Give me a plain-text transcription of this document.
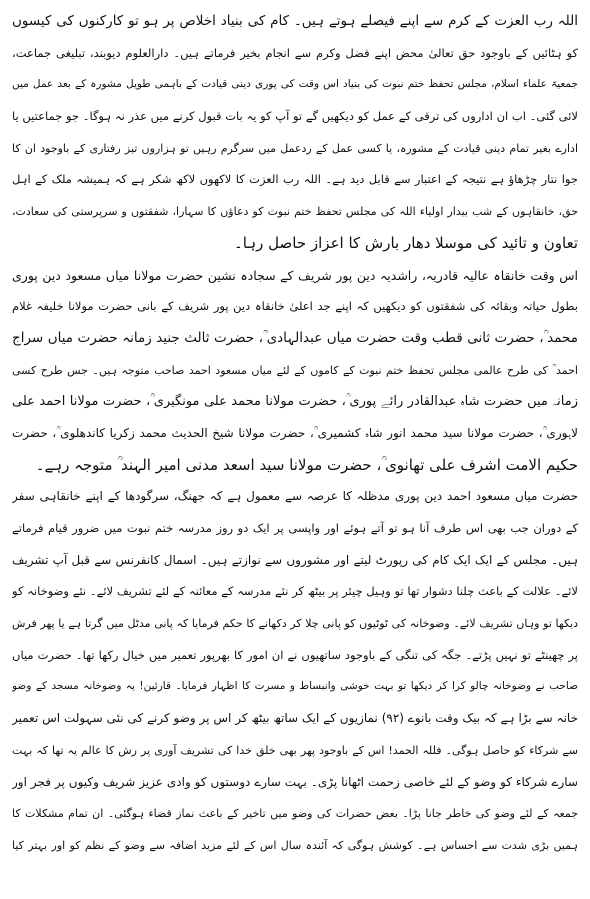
اللہ رب العزت کے کرم سے اپنے فیصلے ہوتے ہیں۔ کام کی بنیاد اخلاص پر ہو تو کارکنوں کی کیسوں
کو ہٹائیں کے باوجود حق تعالیٰ محض اپنے فضل وکرم سے انجام بخیر فرماتے ہیں۔ دارالعلوم دیوبند، تبلیغی جماعت،
جمعیۃ علماء اسلام، مجلس تحفظ ختم نبوت کی بنیاد اس وقت کی پوری دینی قیادت کے باہمی طویل مشورہ کے بعد عمل میں
لائی گئی۔ اب ان اداروں کی ترقی کے عمل کو دیکھیں گے تو آپ کو یہ بات قبول کرنے میں عذر نہ ہوگا۔ جو جماعتیں یا
ادارے بغیر تمام دینی قیادت کے مشورہ، یا کسی عمل کے ردعمل میں سرگرم رہیں تو ہزاروں تیز رفتاری کے باوجود ان کا
جوا نتار چڑھاؤ ہے نتیجہ کے اعتبار سے قابل دید ہے۔ اللہ رب العزت کا لاکھوں لاکھ شکر ہے کہ ہمیشہ ملک کے اہل
حق، خانقاہوں کے شب بیدار اولیاء اللہ کی مجلس تحفظ ختم نبوت کو دعاؤں کا سہارا، شفقتوں و سرپرستی کی سعادت،
تعاون و تائید کی موسلا دھار بارش کا اعزاز حاصل رہا۔
اس وقت خانقاہ عالیہ قادریہ، راشدیہ دین پور شریف کے سجادہ نشین حضرت مولانا میاں مسعود دین پوری
بطول حیاتہ وبقائہ کی شفقتوں کو دیکھیں کہ اپنے جد اعلیٰ خانقاہ دین پور شریف کے بانی حضرت مولانا خلیفہ غلام
محمد ؒ، حضرت ثانی قطب وقت حضرت میاں عبدالہادی ؒ، حضرت ثالث جنید زمانہ حضرت میاں سراج
احمد ؒ کی طرح عالمی مجلس تحفظ ختم نبوت کے کاموں کے لئے میاں مسعود احمد صاحب متوجہ ہیں۔ جس طرح کسی
زمانہ میں حضرت شاہ عبدالقادر رائے پوری ؒ، حضرت مولانا محمد علی مونگیری ؒ، حضرت مولانا احمد علی
لاہوری ؒ، حضرت مولانا سید محمد انور شاہ کشمیری ؒ، حضرت مولانا شیخ الحدیث محمد زکریا کاندھلوی ؒ، حضرت
حکیم الامت اشرف علی تھانوی ؒ، حضرت مولانا سید اسعد مدنی امیر الہند ؒ متوجہ رہے۔
حضرت میاں مسعود احمد دین پوری مدظلہ کا عرصہ سے معمول ہے کہ جھنگ، سرگودھا کے اپنے خانقاہی سفر
کے دوران جب بھی اس طرف آنا ہو تو آتے ہوئے اور واپسی پر ایک دو روز مدرسہ ختم نبوت میں ضرور قیام فرماتے
ہیں۔ مجلس کے ایک ایک کام کی رپورٹ لیتے اور مشوروں سے نوازتے ہیں۔ اسمال کانفرنس سے قبل آپ تشریف
لائے۔ علالت کے باعث چلنا دشوار تھا تو وہیل چیئر پر بیٹھ کر نئے مدرسہ کے معائنہ کے لئے تشریف لائے۔ نئے وضوخانہ کو
دیکھا تو وہاں تشریف لائے۔ وضوخانہ کی ٹوٹیوں کو پانی چلا کر دکھانے کا حکم فرمایا کہ پانی مدٹل میں گرتا ہے یا پھر فرش
پر چھینٹے تو نہیں پڑتے۔ جگہ کی تنگی کے باوجود ساتھیوں نے ان امور کا بھرپور تعمیر میں خیال رکھا تھا۔ حضرت میاں
صاحب نے وضوخانہ چالو کرا کر دیکھا تو بہت خوشی وانبساط و مسرت کا اظہار فرمایا۔ قارئین! یہ وضوخانہ مسجد کے وضو
خانہ سے بڑا ہے کہ بیک وقت بانوے (۹۲) نمازیوں کے ایک ساتھ بیٹھ کر اس پر وضو کرنے کی نئی سہولت اس تعمیر
سے شرکاء کو حاصل ہوگی۔ فللہ الحمد! اس کے باوجود پھر بھی خلق خدا کی تشریف آوری پر رش کا عالم یہ تھا کہ بہت
سارے شرکاء کو وضو کے لئے خاصی زحمت اٹھانا پڑی۔ بہت سارے دوستوں کو وادی عزیز شریف وکیوں پر فجر اور
جمعہ کے لئے وضو کی خاطر جانا پڑا۔ بعض حضرات کی وضو میں تاخیر کے باعث نماز قضاء ہوگئی۔ ان تمام مشکلات کا
ہمیں بڑی شدت سے احساس ہے۔ کوشش ہوگی کہ آئندہ سال اس کے لئے مزید اضافہ سے وضو کے نظم کو اور بہتر کیا
